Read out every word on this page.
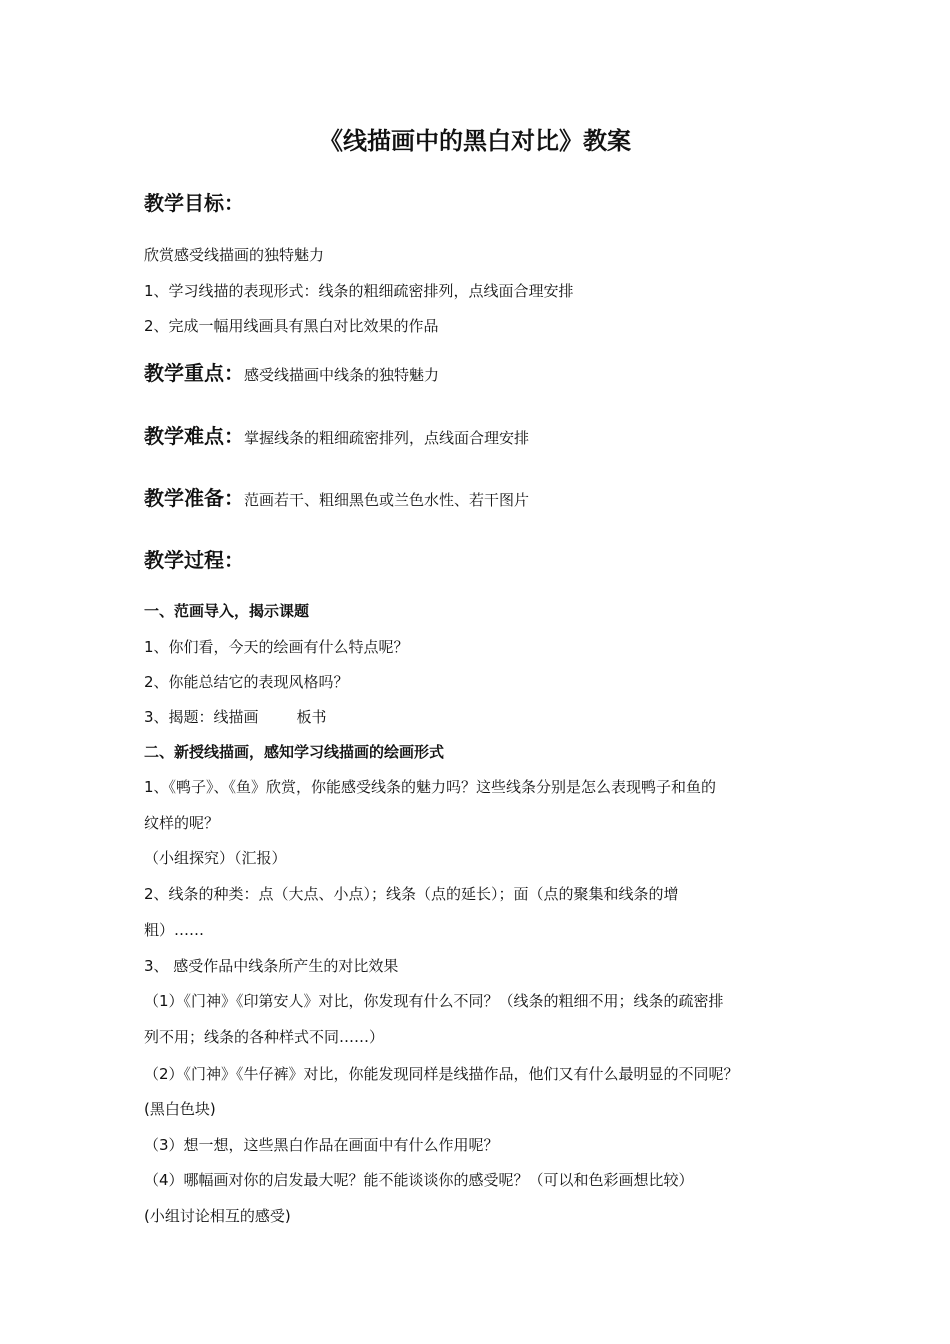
《线描画中的黑白对比》教案
教学目标：
欣赏感受线描画的独特魅力
1、学习线描的表现形式：线条的粗细疏密排列，点线面合理安排
2、完成一幅用线画具有黑白对比效果的作品
教学重点：感受线描画中线条的独特魅力
教学难点：掌握线条的粗细疏密排列，点线面合理安排
教学准备：范画若干、粗细黑色或兰色水性、若干图片
教学过程：
一、范画导入，揭示课题
1、你们看，今天的绘画有什么特点呢？
2、你能总结它的表现风格吗？
3、揭题：线描画	板书
二、新授线描画，感知学习线描画的绘画形式
1、《鸭子》、《鱼》欣赏，你能感受线条的魅力吗？这些线条分别是怎么表现鸭子和鱼的
纹样的呢？
（小组探究）（汇报）
2、线条的种类：点（大点、小点）；线条（点的延长）；面（点的聚集和线条的增
粗）……
3、 感受作品中线条所产生的对比效果
（1）《门神》《印第安人》对比，你发现有什么不同？（线条的粗细不用；线条的疏密排
列不用；线条的各种样式不同……）
（2）《门神》《牛仔裤》对比，你能发现同样是线描作品，他们又有什么最明显的不同呢？
(黑白色块)
（3）想一想，这些黑白作品在画面中有什么作用呢？
（4）哪幅画对你的启发最大呢？能不能谈谈你的感受呢？（可以和色彩画想比较）
(小组讨论相互的感受)
